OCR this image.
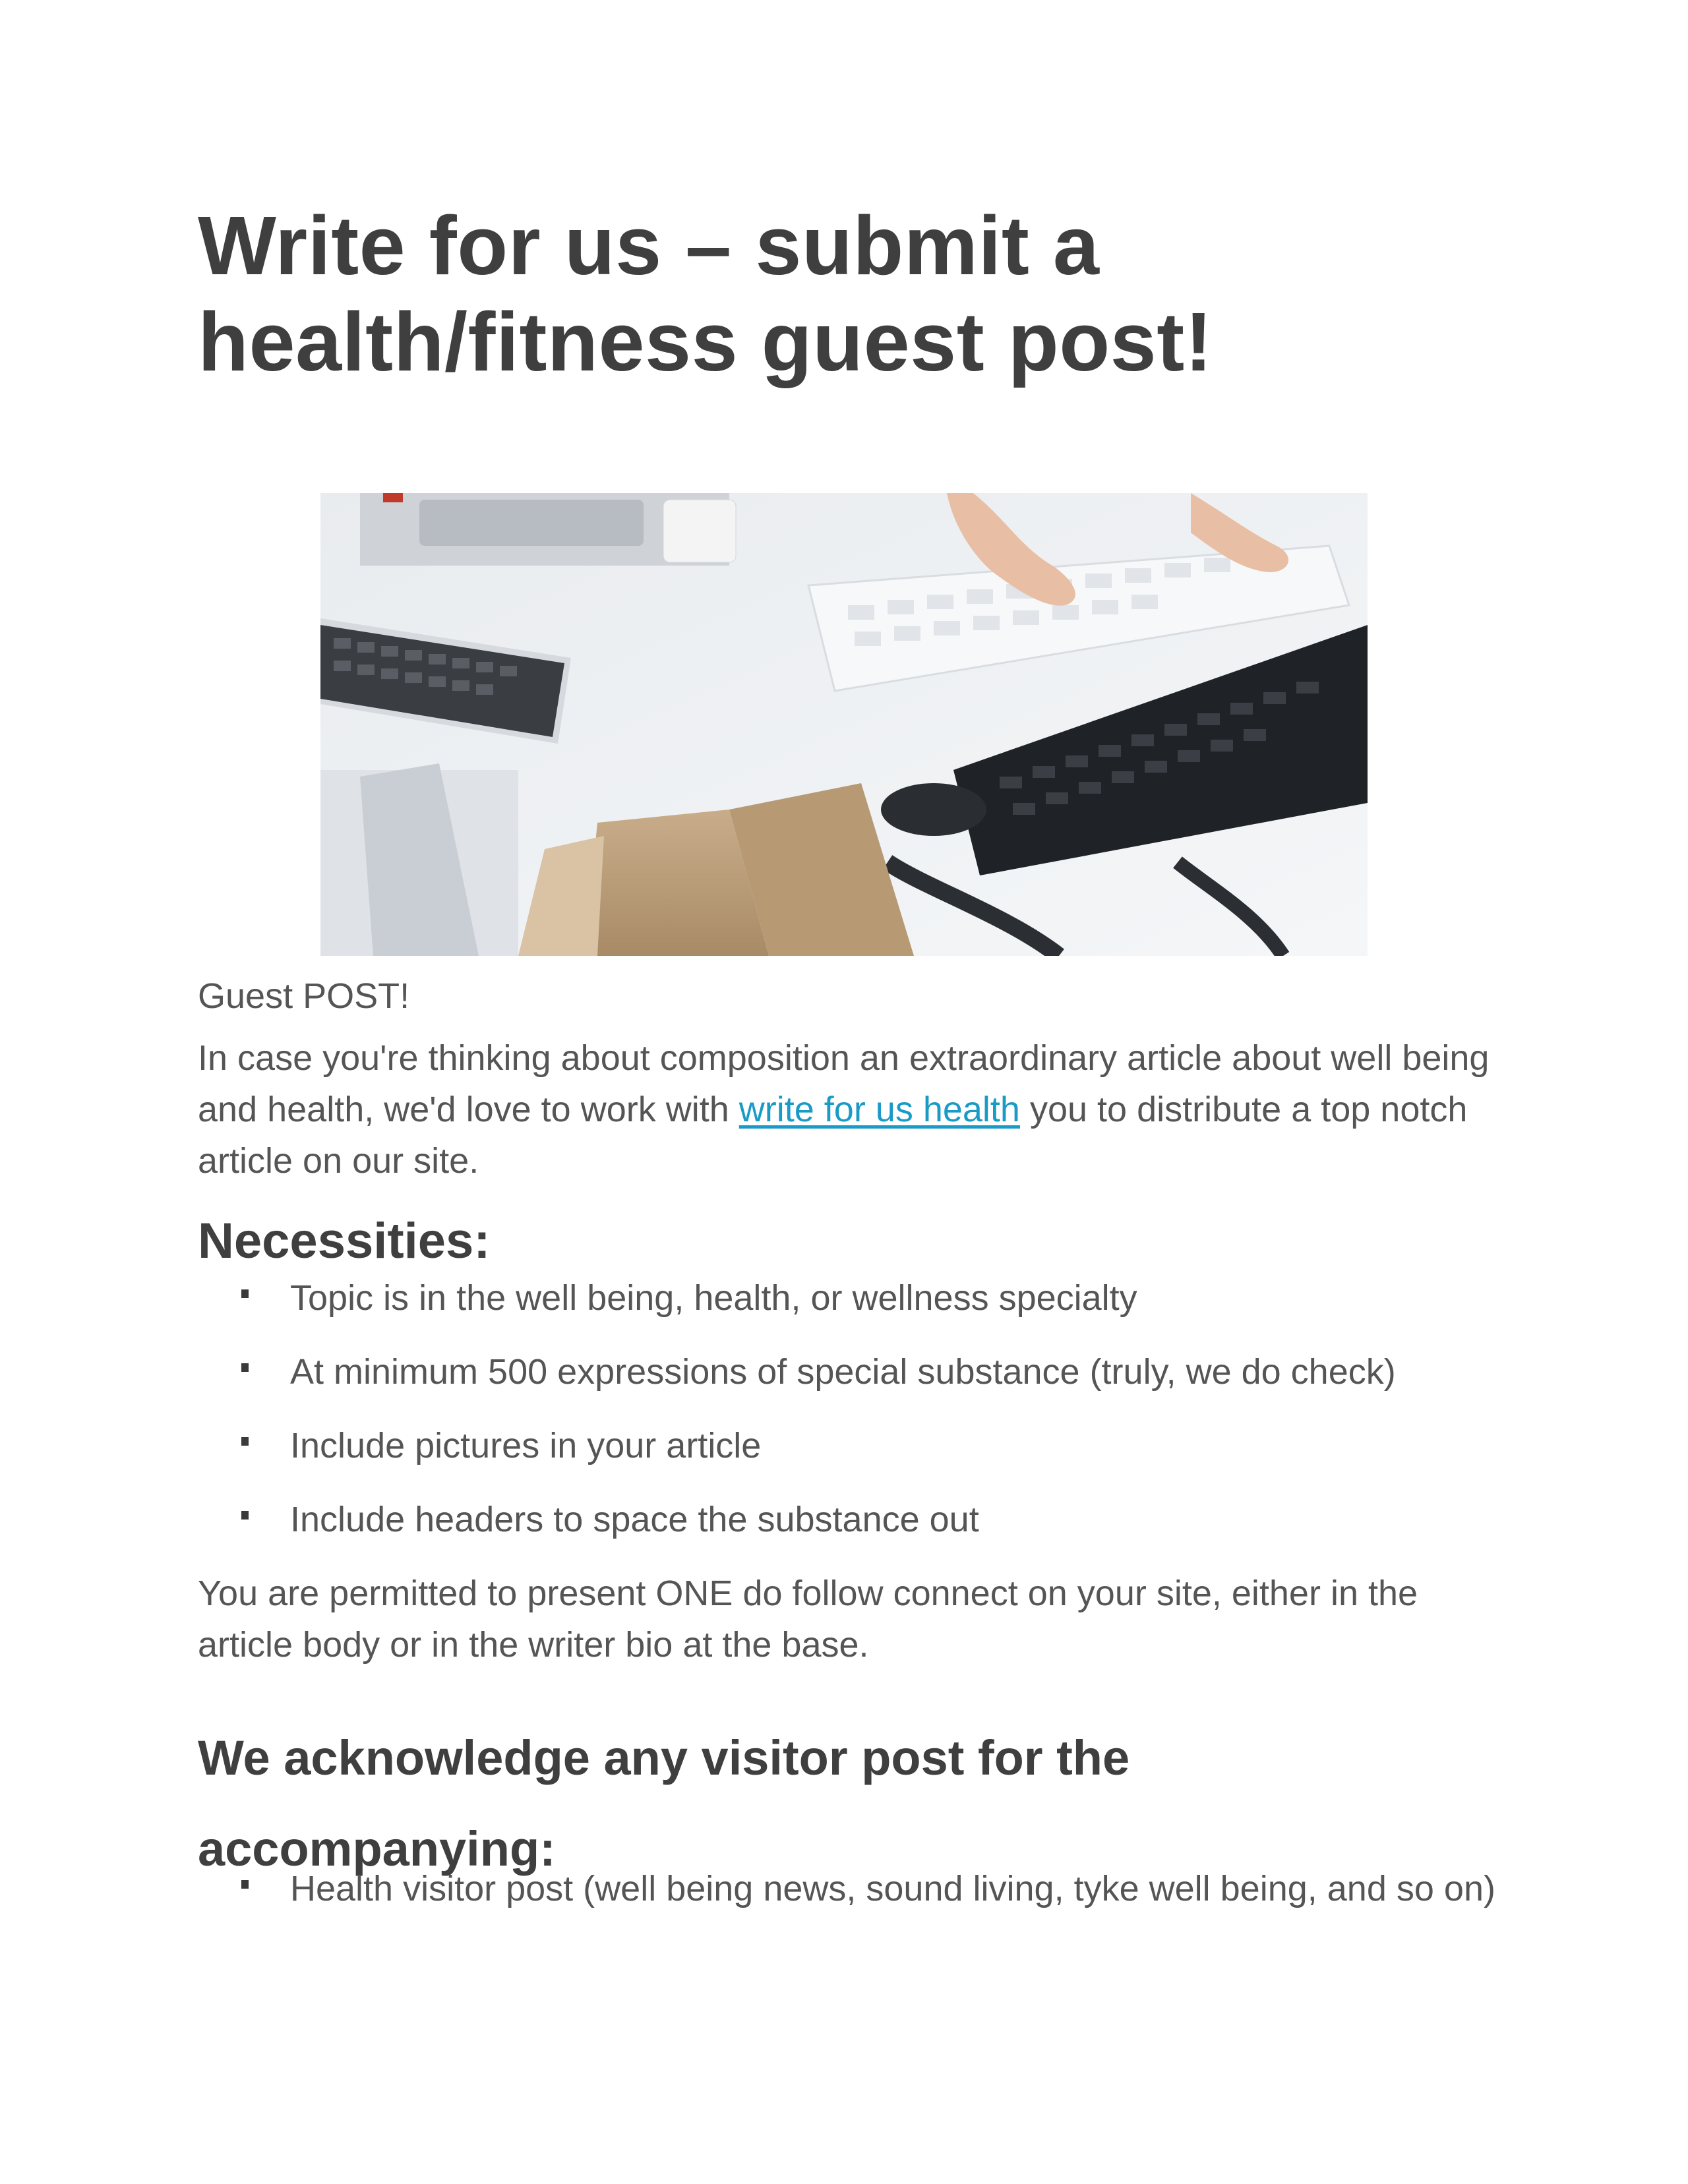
Write for us – submit a
health/fitness guest post!

Guest POST!

In case you're thinking about composition an extraordinary article about well being and health, we'd love to work with write for us health you to distribute a top notch article on our site.

Necessities:
Topic is in the well being, health, or wellness specialty
At minimum 500 expressions of special substance (truly, we do check)
Include pictures in your article
Include headers to space the substance out

You are permitted to present ONE do follow connect on your site, either in the article body or in the writer bio at the base.

We acknowledge any visitor post for the
accompanying:
Health visitor post (well being news, sound living, tyke well being, and so on)
